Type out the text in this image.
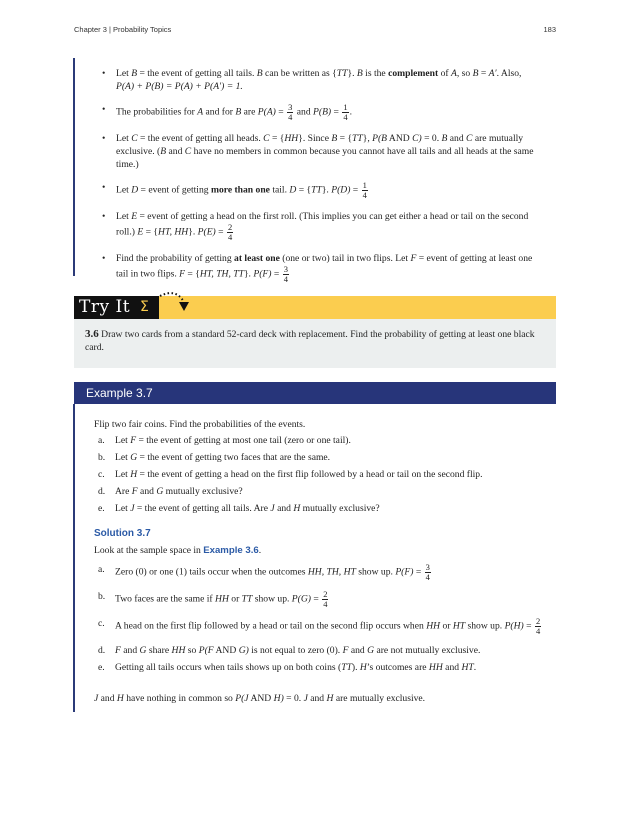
Chapter 3 | Probability Topics	183
• Let B = the event of getting all tails. B can be written as {TT}. B is the complement of A, so B = A′. Also,
P(A) + P(B) = P(A) + P(A′) = 1.
• The probabilities for A and for B are $P(A) = \frac{3}{4}$ and $P(B) = \frac{1}{4}$ .
• Let C = the event of getting all heads. C = {HH}. Since B = {TT}, P(B AND C) = 0. B and C are mutually exclusive. (B and C have no members in common because you cannot have all tails and all heads at the same time.)
• Let D = event of getting more than one tail. D = {TT}. $P(D) = \frac{1}{4}$
• Let E = event of getting a head on the first roll. (This implies you can get either a head or tail on the second roll.) E = {HT, HH}. $P(E) = \frac{2}{4}$
• Find the probability of getting at least one (one or two) tail in two flips. Let F = event of getting at least one tail in two flips. F = {HT, TH, TT}. $P(F) = \frac{3}{4}$
Try It Σ
3.6 Draw two cards from a standard 52-card deck with replacement. Find the probability of getting at least one black card.
Example 3.7
Flip two fair coins. Find the probabilities of the events.
a. Let F = the event of getting at most one tail (zero or one tail).
b. Let G = the event of getting two faces that are the same.
c. Let H = the event of getting a head on the first flip followed by a head or tail on the second flip.
d. Are F and G mutually exclusive?
e. Let J = the event of getting all tails. Are J and H mutually exclusive?
Solution 3.7
Look at the sample space in Example 3.6.
a. Zero (0) or one (1) tails occur when the outcomes HH, TH, HT show up. $P(F) = \frac{3}{4}$
b. Two faces are the same if HH or TT show up. $P(G) = \frac{2}{4}$
c. A head on the first flip followed by a head or tail on the second flip occurs when HH or HT show up. $P(H) = \frac{2}{4}$
d. F and G share HH so P(F AND G) is not equal to zero (0). F and G are not mutually exclusive.
e. Getting all tails occurs when tails shows up on both coins (TT). H’s outcomes are HH and HT.
J and H have nothing in common so P(J AND H) = 0. J and H are mutually exclusive.
